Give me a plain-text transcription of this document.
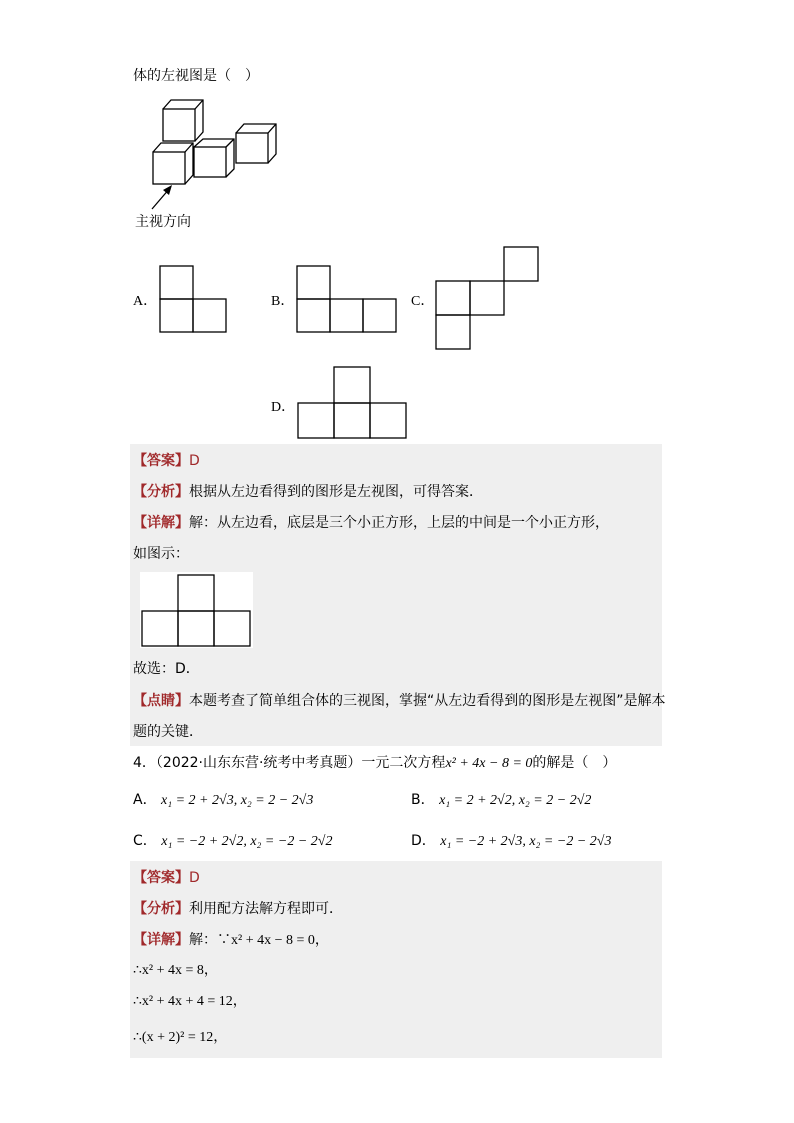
体的左视图是（　）
主视方向
A．	B．	C．
D．
【答案】D
【分析】根据从左边看得到的图形是左视图，可得答案．
【详解】解：从左边看，底层是三个小正方形，上层的中间是一个小正方形，
如图示：
故选：D．
【点睛】本题考查了简单组合体的三视图，掌握“从左边看得到的图形是左视图”是解本
题的关键．
4．（2022·山东东营·统考中考真题）一元二次方程x² + 4x − 8 = 0的解是（　）
A． x₁ = 2 + 2√3, x₂ = 2 − 2√3	B． x₁ = 2 + 2√2, x₂ = 2 − 2√2
C． x₁ = −2 + 2√2, x₂ = −2 − 2√2	D． x₁ = −2 + 2√3, x₂ = −2 − 2√3
【答案】D
【分析】利用配方法解方程即可．
【详解】解：∵x² + 4x − 8 = 0，
∴x² + 4x = 8，
∴x² + 4x + 4 = 12，
∴(x + 2)² = 12，
